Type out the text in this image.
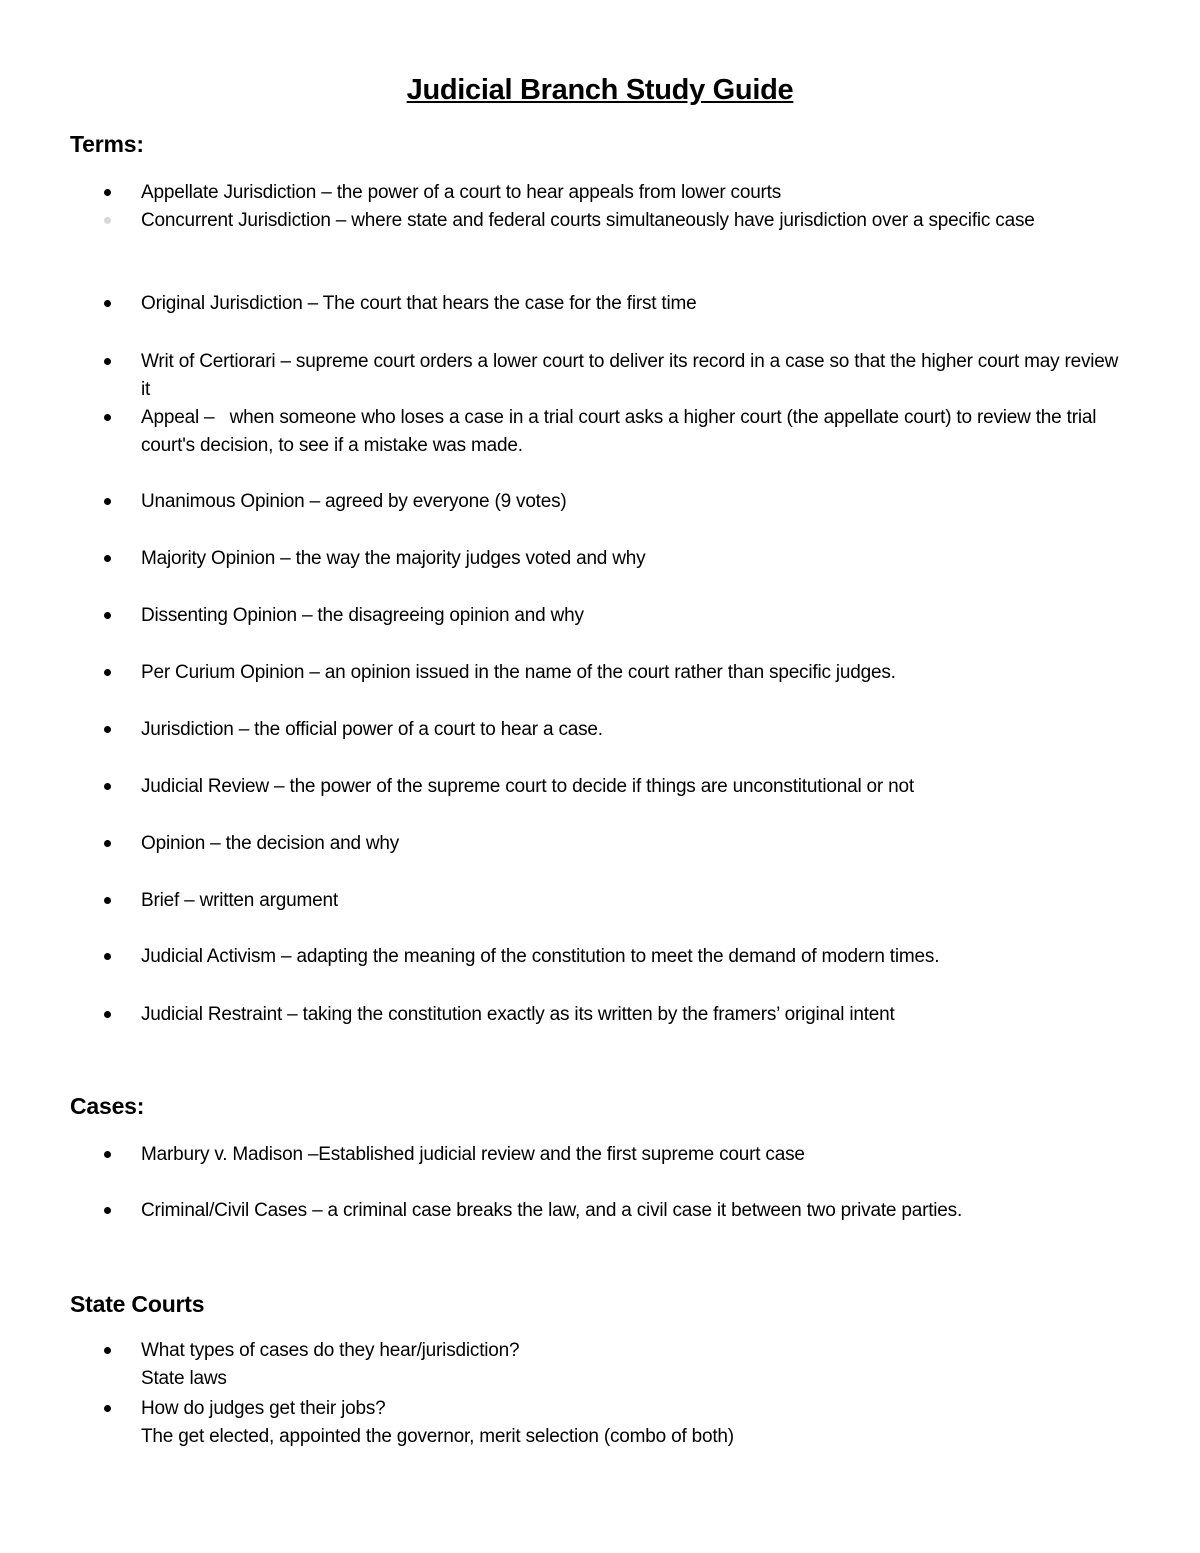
Judicial Branch Study Guide
Terms:
Appellate Jurisdiction – the power of a court to hear appeals from lower courts
Concurrent Jurisdiction – where state and federal courts simultaneously have jurisdiction over a specific case
Original Jurisdiction – The court that hears the case for the first time
Writ of Certiorari – supreme court orders a lower court to deliver its record in a case so that the higher court may review it
Appeal –   when someone who loses a case in a trial court asks a higher court (the appellate court) to review the trial court's decision, to see if a mistake was made.
Unanimous Opinion – agreed by everyone (9 votes)
Majority Opinion – the way the majority judges voted and why
Dissenting Opinion – the disagreeing opinion and why
Per Curium Opinion – an opinion issued in the name of the court rather than specific judges.
Jurisdiction – the official power of a court to hear a case.
Judicial Review – the power of the supreme court to decide if things are unconstitutional or not
Opinion – the decision and why
Brief – written argument
Judicial Activism – adapting the meaning of the constitution to meet the demand of modern times.
Judicial Restraint – taking the constitution exactly as its written by the framers’ original intent
Cases:
Marbury v. Madison –Established judicial review and the first supreme court case
Criminal/Civil Cases – a criminal case breaks the law, and a civil case it between two private parties.
State Courts
What types of cases do they hear/jurisdiction?
State laws
How do judges get their jobs?
The get elected, appointed the governor, merit selection (combo of both)
